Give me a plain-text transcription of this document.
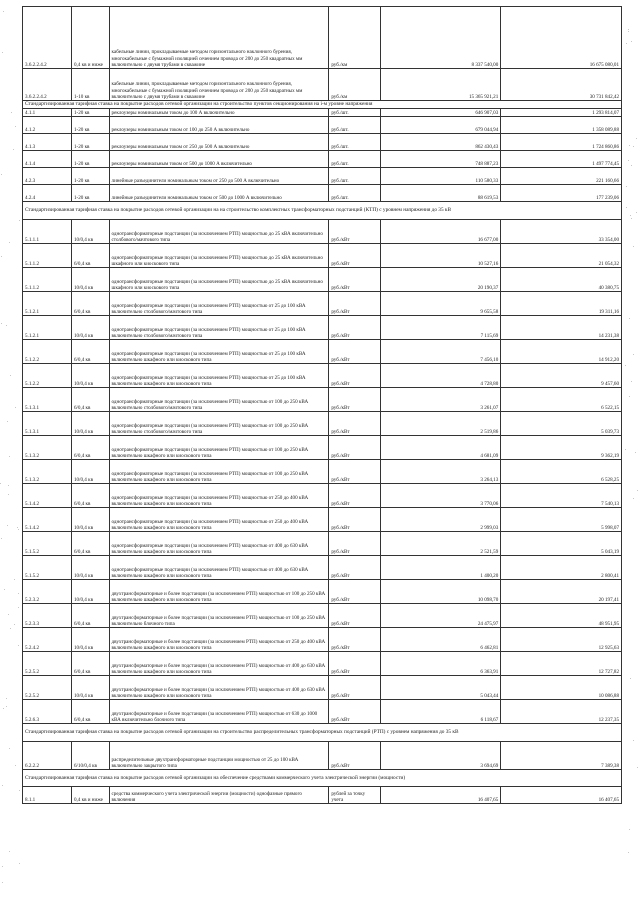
3.6.2.2.4.2	0,4 кв и ниже	кабельные линии, прокладываемые методом горизонтального наклонного бурения, многокабельные с бумажной изоляцией сечением провода от 200 до 250 квадратных мм включительно с двумя трубами в скважине	руб./км	8 337 540,00	16 675 080,01
3.6.2.2.4.2	1-10 кв	кабельные линии, прокладываемые методом горизонтального наклонного бурения, многокабельные с бумажной изоляцией сечением провода от 200 до 250 квадратных мм включительно с двумя трубами в скважине	руб./км	15 365 921,21	30 731 842,42
Стандартизированная тарифная ставка на покрытие расходов сетевой организации на строительство пунктов секционирования на i-м уровне напряжения					
4.1.1	1-20 кв	реклоузеры номинальным током до 100 А включительно	руб./шт.	646 907,03	1 293 814,07
4.1.2	1-20 кв	реклоузеры номинальным током от 100 до 250 А включительно	руб./шт.	679 044,94	1 358 089,88
4.1.3	1-20 кв	реклоузеры номинальным током от 250 до 500 А включительно	руб./шт.	862 430,43	1 724 860,86
4.1.4	1-20 кв	реклоузеры номинальным током от 500 до 1000 А включительно	руб./шт.	748 887,23	1 497 774,45
4.2.3	1-20 кв	линейные разъединители номинальным током от 250 до 500 А включительно	руб./шт.	110 580,33	221 160,66
4.2.4	1-20 кв	линейные разъединители номинальным током от 500 до 1000 А включительно	руб./шт.	88 619,53	177 239,06
Стандартизированная тарифная ставка на покрытие расходов сетевой организации на на строительство комплектных трансформаторных подстанций (КТП) с уровнем напряжения до 35 кВ					
5.1.1.1	10/0,4 кв	однотрансформаторные подстанции (за исключением РТП) мощностью до 25 кВА включительно столбового/мачтового типа	руб./кВт	16 677,00	33 354,00
5.1.1.2	6/0,4 кв	однотрансформаторные подстанции (за исключением РТП) мощностью до 25 кВА включительно шкафного или киоскового типа	руб./кВт	10 527,16	21 054,32
5.1.1.2	10/0,4 кв	однотрансформаторные подстанции (за исключением РТП) мощностью до 25 кВА включительно шкафного или киоскового типа	руб./кВт	20 190,37	40 380,75
5.1.2.1	6/0,4 кв	однотрансформаторные подстанции (за исключением РТП) мощностью от 25 до 100 кВА включительно столбового/мачтового типа	руб./кВт	9 655,58	19 311,16
5.1.2.1	10/0,4 кв	однотрансформаторные подстанции (за исключением РТП) мощностью от 25 до 100 кВА включительно столбового/мачтового типа	руб./кВт	7 115,69	14 231,38
5.1.2.2	6/0,4 кв	однотрансформаторные подстанции (за исключением РТП) мощностью от 25 до 100 кВА включительно шкафного или киоскового типа	руб./кВт	7 456,10	14 912,20
5.1.2.2	10/0,4 кв	однотрансформаторные подстанции (за исключением РТП) мощностью от 25 до 100 кВА включительно шкафного или киоскового типа	руб./кВт	4 728,80	9 457,60
5.1.3.1	6/0,4 кв	однотрансформаторные подстанции (за исключением РТП) мощностью от 100 до 250 кВА включительно столбового/мачтового типа	руб./кВт	3 261,07	6 522,15
5.1.3.1	10/0,4 кв	однотрансформаторные подстанции (за исключением РТП) мощностью от 100 до 250 кВА включительно столбового/мачтового типа	руб./кВт	2 519,86	5 039,73
5.1.3.2	6/0,4 кв	однотрансформаторные подстанции (за исключением РТП) мощностью от 100 до 250 кВА включительно шкафного или киоскового типа	руб./кВт	4 681,09	9 362,19
5.1.3.2	10/0,4 кв	однотрансформаторные подстанции (за исключением РТП) мощностью от 100 до 250 кВА включительно шкафного или киоскового типа	руб./кВт	3 264,13	6 528,25
5.1.4.2	6/0,4 кв	однотрансформаторные подстанции (за исключением РТП) мощностью от 250 до 400 кВА включительно шкафного или киоскового типа	руб./кВт	3 770,06	7 540,13
5.1.4.2	10/0,4 кв	однотрансформаторные подстанции (за исключением РТП) мощностью от 250 до 400 кВА включительно шкафного или киоскового типа	руб./кВт	2 999,03	5 998,07
5.1.5.2	6/0,4 кв	однотрансформаторные подстанции (за исключением РТП) мощностью от 400 до 630 кВА включительно шкафного или киоскового типа	руб./кВт	2 521,59	5 043,19
5.1.5.2	10/0,4 кв	однотрансформаторные подстанции (за исключением РТП) мощностью от 400 до 630 кВА включительно шкафного или киоскового типа	руб./кВт	1 400,20	2 800,41
5.2.3.2	10/0,4 кв	двухтрансформаторные и более подстанции (за исключением РТП) мощностью от 100 до 250 кВА включительно шкафного или киоскового типа	руб./кВт	10 098,70	20 197,41
5.2.3.3	6/0,4 кв	двухтрансформаторные и более подстанции (за исключением РТП) мощностью от 100 до 250 кВА включительно блочного типа	руб./кВт	24 475,97	48 951,95
5.2.4.2	10/0,4 кв	двухтрансформаторные и более подстанции (за исключением РТП) мощностью от 250 до 400 кВА включительно шкафного или киоскового типа	руб./кВт	6 462,81	12 925,63
5.2.5.2	6/0,4 кв	двухтрансформаторные и более подстанции (за исключением РТП) мощностью от 400 до 630 кВА включительно шкафного или киоскового типа	руб./кВт	6 363,91	12 727,82
5.2.5.2	10/0,4 кв	двухтрансформаторные и более подстанции (за исключением РТП) мощностью от 400 до 630 кВА включительно шкафного или киоскового типа	руб./кВт	5 043,44	10 086,88
5.2.6.3	6/0,4 кв	двухтрансформаторные и более подстанции (за исключением РТП) мощностью от 630 до 1000 кВА включительно блочного типа	руб./кВт	6 118,67	12 237,35
Стандартизированная тарифная ставка на покрытие расходов сетевой организации на строительство распределительных трансформаторных подстанций (РТП) с уровнем напряжения до 35 кВ					
6.2.2.2	6/10/0,4 кв	распределительные двухтрансформаторные подстанции мощностью от 25 до 100 кВА включительно закрытого типа	руб./кВт	3 694,69	7 389,38
Стандартизированная тарифная ставка на покрытие расходов сетевой организации на обеспечение средствами коммерческого учета электрической энергии (мощности)					
8.1.1	0,4 кв и ниже	средства коммерческого учета электрической энергии (мощности) однофазные прямого включения	рублей за точку учета	16 407,65	16 407,65
